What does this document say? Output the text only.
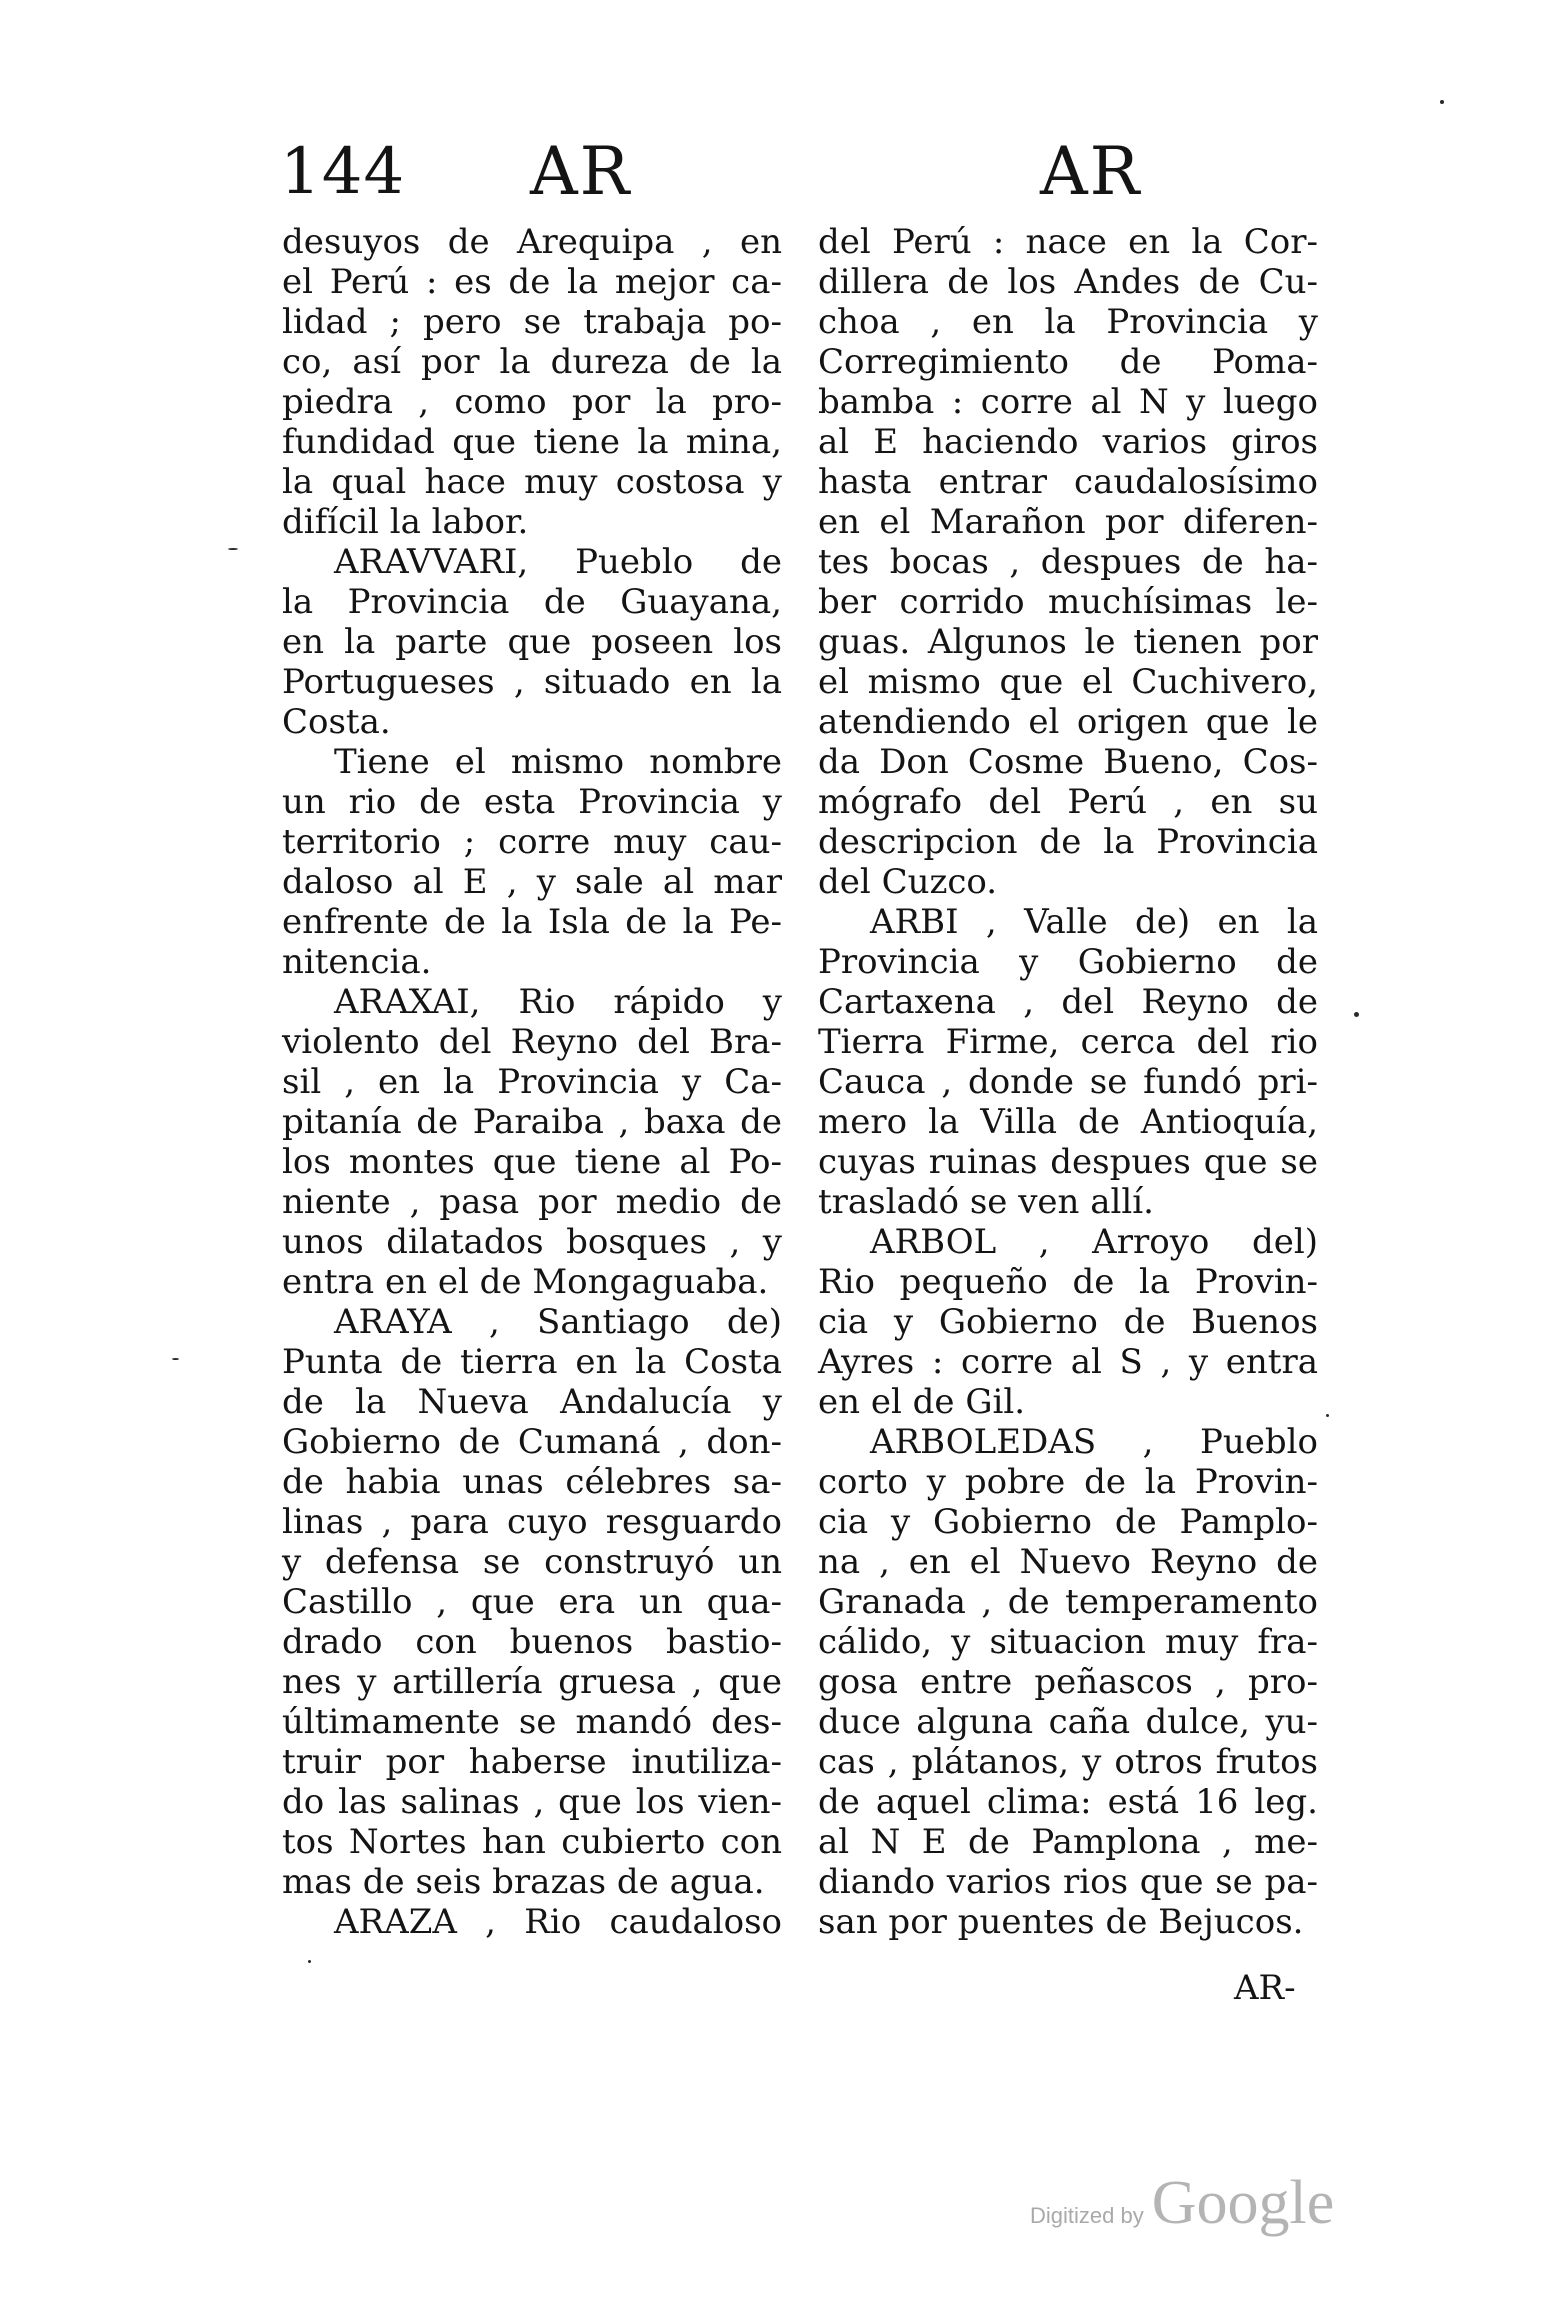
144 AR	AR
desuyos de Arequipa , en
el Perú : es de la mejor ca-
lidad ; pero se trabaja po-
co, así por la dureza de la
piedra , como por la pro-
fundidad que tiene la mina,
la qual hace muy costosa y
difícil la labor.
ARAVVARI, Pueblo de
la Provincia de Guayana,
en la parte que poseen los
Portugueses , situado en la
Costa.
Tiene el mismo nombre
un rio de esta Provincia y
territorio ; corre muy cau-
daloso al E , y sale al mar
enfrente de la Isla de la Pe-
nitencia.
ARAXAI, Rio rápido y
violento del Reyno del Bra-
sil , en la Provincia y Ca-
pitanía de Paraiba , baxa de
los montes que tiene al Po-
niente , pasa por medio de
unos dilatados bosques , y
entra en el de Mongaguaba.
ARAYA , Santiago de)
Punta de tierra en la Costa
de la Nueva Andalucía y
Gobierno de Cumaná , don-
de habia unas célebres sa-
linas , para cuyo resguardo
y defensa se construyó un
Castillo , que era un qua-
drado con buenos bastio-
nes y artillería gruesa , que
últimamente se mandó des-
truir por haberse inutiliza-
do las salinas , que los vien-
tos Nortes han cubierto con
mas de seis brazas de agua.
ARAZA , Rio caudaloso
del Perú : nace en la Cor-
dillera de los Andes de Cu-
choa , en la Provincia y
Corregimiento de Poma-
bamba : corre al N y luego
al E haciendo varios giros
hasta entrar caudalosísimo
en el Marañon por diferen-
tes bocas , despues de ha-
ber corrido muchísimas le-
guas. Algunos le tienen por
el mismo que el Cuchivero,
atendiendo el origen que le
da Don Cosme Bueno, Cos-
mógrafo del Perú , en su
descripcion de la Provincia
del Cuzco.
ARBI , Valle de) en la
Provincia y Gobierno de
Cartaxena , del Reyno de
Tierra Firme, cerca del rio
Cauca , donde se fundó pri-
mero la Villa de Antioquía,
cuyas ruinas despues que se
trasladó se ven allí.
ARBOL , Arroyo del)
Rio pequeño de la Provin-
cia y Gobierno de Buenos
Ayres : corre al S , y entra
en el de Gil.
ARBOLEDAS , Pueblo
corto y pobre de la Provin-
cia y Gobierno de Pamplo-
na , en el Nuevo Reyno de
Granada , de temperamento
cálido, y situacion muy fra-
gosa entre peñascos , pro-
duce alguna caña dulce, yu-
cas , plátanos, y otros frutos
de aquel clima: está 16 leg.
al N E de Pamplona , me-
diando varios rios que se pa-
san por puentes de Bejucos.
AR-
Digitized by Google
